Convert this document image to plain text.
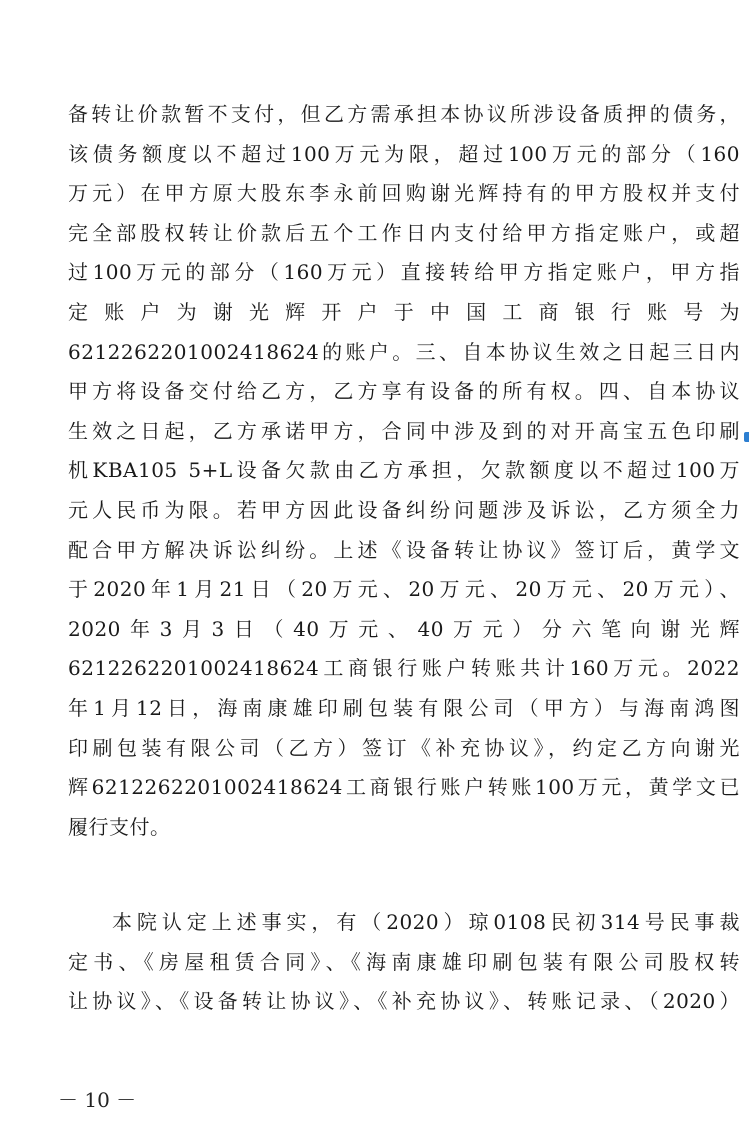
备转让价款暂不支付，但乙方需承担本协议所涉设备质押的债务，
该债务额度以不超过100万元为限，超过100万元的部分（160
万元）在甲方原大股东李永前回购谢光辉持有的甲方股权并支付
完全部股权转让价款后五个工作日内支付给甲方指定账户，或超
过100万元的部分（160万元）直接转给甲方指定账户，甲方指
定账户为谢光辉开户于中国工商银行账号为
6212262201002418624的账户。三、自本协议生效之日起三日内
甲方将设备交付给乙方，乙方享有设备的所有权。四、自本协议
生效之日起，乙方承诺甲方，合同中涉及到的对开高宝五色印刷
机KBA105 5+L设备欠款由乙方承担，欠款额度以不超过100万
元人民币为限。若甲方因此设备纠纷问题涉及诉讼，乙方须全力
配合甲方解决诉讼纠纷。上述《设备转让协议》签订后，黄学文
于2020年1月21日（20万元、20万元、20万元、20万元）、
2020年3月3日（40万元、40万元）分六笔向谢光辉
6212262201002418624工商银行账户转账共计160万元。2022
年1月12日，海南康雄印刷包装有限公司（甲方）与海南鸿图
印刷包装有限公司（乙方）签订《补充协议》，约定乙方向谢光
辉6212262201002418624工商银行账户转账100万元，黄学文已
履行支付。
本院认定上述事实，有（2020）琼0108民初314号民事裁
定书、《房屋租赁合同》、《海南康雄印刷包装有限公司股权转
让协议》、《设备转让协议》、《补充协议》、转账记录、（2020）
－ 10 －
